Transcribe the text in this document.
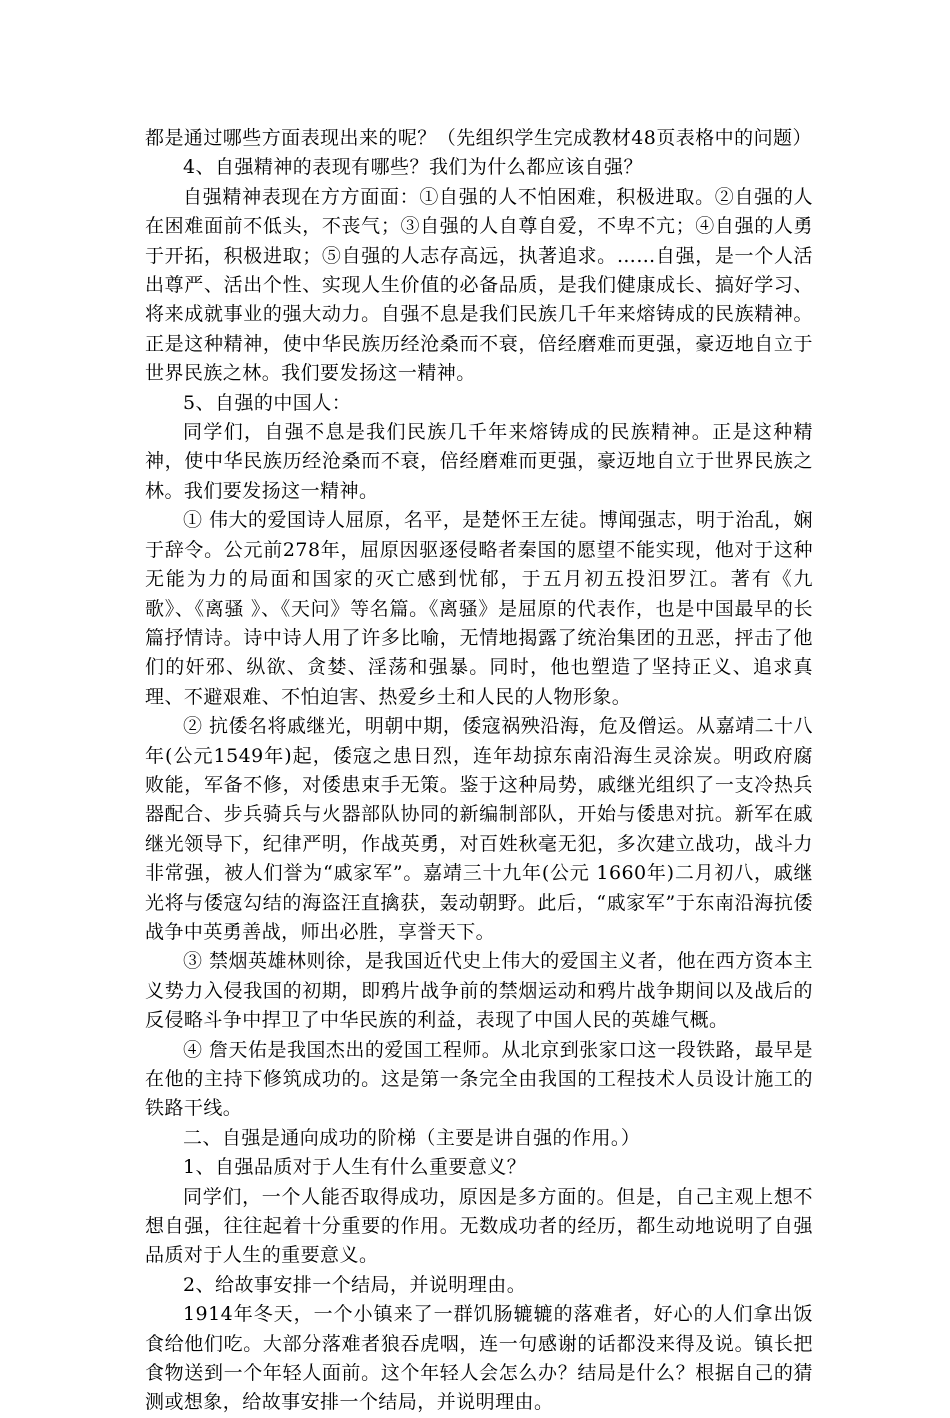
都是通过哪些方面表现出来的呢？（先组织学生完成教材48页表格中的问题）

4、自强精神的表现有哪些？我们为什么都应该自强？

自强精神表现在方方面面：①自强的人不怕困难，积极进取。②自强的人在困难面前不低头，不丧气；③自强的人自尊自爱，不卑不亢；④自强的人勇于开拓，积极进取；⑤自强的人志存高远，执著追求。……自强，是一个人活出尊严、活出个性、实现人生价值的必备品质，是我们健康成长、搞好学习、将来成就事业的强大动力。自强不息是我们民族几千年来熔铸成的民族精神。正是这种精神，使中华民族历经沧桑而不衰，倍经磨难而更强，豪迈地自立于世界民族之林。我们要发扬这一精神。

5、自强的中国人：

同学们，自强不息是我们民族几千年来熔铸成的民族精神。正是这种精神，使中华民族历经沧桑而不衰，倍经磨难而更强，豪迈地自立于世界民族之林。我们要发扬这一精神。

① 伟大的爱国诗人屈原，名平，是楚怀王左徒。博闻强志，明于治乱，娴于辞令。公元前278年，屈原因驱逐侵略者秦国的愿望不能实现，他对于这种无能为力的局面和国家的灭亡感到忧郁，于五月初五投汨罗江。著有《九歌》、《离骚 》、《天问》等名篇。《离骚》是屈原的代表作，也是中国最早的长篇抒情诗。诗中诗人用了许多比喻，无情地揭露了统治集团的丑恶，抨击了他们的奸邪、纵欲、贪婪、淫荡和强暴。同时，他也塑造了坚持正义、追求真理、不避艰难、不怕迫害、热爱乡土和人民的人物形象。

② 抗倭名将戚继光，明朝中期，倭寇祸殃沿海，危及僧运。从嘉靖二十八年(公元1549年)起，倭寇之患日烈，连年劫掠东南沿海生灵涂炭。明政府腐败能，军备不修，对倭患束手无策。鉴于这种局势，戚继光组织了一支冷热兵器配合、步兵骑兵与火器部队协同的新编制部队，开始与倭患对抗。新军在戚继光领导下，纪律严明，作战英勇，对百姓秋毫无犯，多次建立战功，战斗力非常强，被人们誉为“戚家军”。嘉靖三十九年(公元 1660年)二月初八，戚继光将与倭寇勾结的海盗汪直擒获，轰动朝野。此后，“戚家军”于东南沿海抗倭战争中英勇善战，师出必胜，享誉天下。

③ 禁烟英雄林则徐，是我国近代史上伟大的爱国主义者，他在西方资本主义势力入侵我国的初期，即鸦片战争前的禁烟运动和鸦片战争期间以及战后的反侵略斗争中捍卫了中华民族的利益，表现了中国人民的英雄气概。

④ 詹天佑是我国杰出的爱国工程师。从北京到张家口这一段铁路，最早是在他的主持下修筑成功的。这是第一条完全由我国的工程技术人员设计施工的铁路干线。

二、自强是通向成功的阶梯（主要是讲自强的作用。）

1、自强品质对于人生有什么重要意义？

同学们，一个人能否取得成功，原因是多方面的。但是，自己主观上想不想自强，往往起着十分重要的作用。无数成功者的经历，都生动地说明了自强品质对于人生的重要意义。

2、给故事安排一个结局，并说明理由。

1914年冬天，一个小镇来了一群饥肠辘辘的落难者，好心的人们拿出饭食给他们吃。大部分落难者狼吞虎咽，连一句感谢的话都没来得及说。镇长把食物送到一个年轻人面前。这个年轻人会怎么办？结局是什么？根据自己的猜测或想象，给故事安排一个结局，并说明理由。
